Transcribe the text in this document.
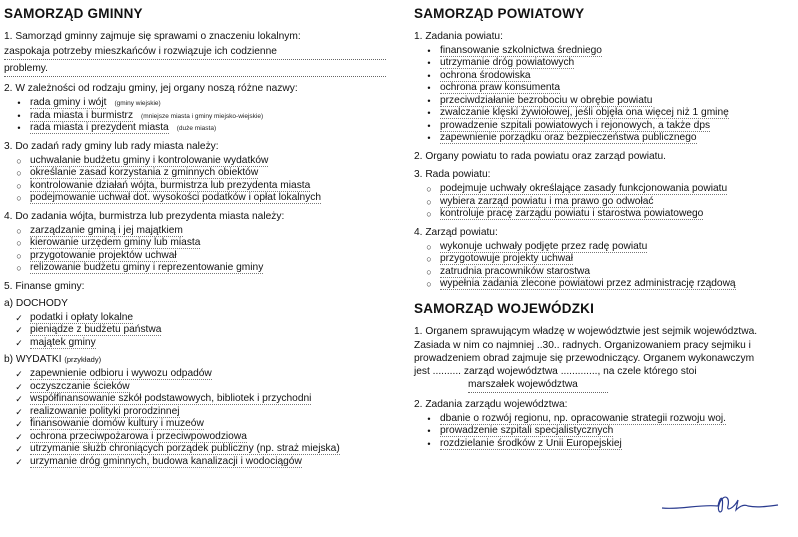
SAMORZĄD GMINNY
1. Samorząd gminny zajmuje się sprawami o znaczeniu lokalnym:
zaspokaja potrzeby mieszkańców i rozwiązuje ich codzienne
problemy.
2. W zależności od rodzaju gminy, jej organy noszą różne nazwy:
• rada gminy i wójt (gminy wiejskie)
• rada miasta i burmistrz (mniejsze miasta i gminy miejsko-wiejskie)
• rada miasta i prezydent miasta (duże miasta)
3. Do zadań rady gminy lub rady miasta należy:
○ uchwalanie budżetu gminy i kontrolowanie wydatków
○ określanie zasad korzystania z gminnych obiektów
○ kontrolowanie działań wójta, burmistrza lub prezydenta miasta
○ podejmowanie uchwał dot. wysokości podatków i opłat lokalnych
4. Do zadania wójta, burmistrza lub prezydenta miasta należy:
○ zarządzanie gminą i jej majątkiem
○ kierowanie urzędem gminy lub miasta
○ przygotowanie projektów uchwał
○ relizowanie budżetu gminy i reprezentowanie gminy
5. Finanse gminy:
a) DOCHODY
✓ podatki i opłaty lokalne
✓ pieniądze z budżetu państwa
✓ majątek gminy
b) WYDATKI (przykłady)
✓ zapewnienie odbioru i wywozu odpadów
✓ oczyszczanie ścieków
✓ współfinansowanie szkół podstawowych, bibliotek i przychodni
✓ realizowanie polityki prorodzinnej
✓ finansowanie domów kultury i muzeów
✓ ochrona przeciwpożarowa i przeciwpowodziowa
✓ utrzymanie służb chroniących porządek publiczny (np. straż miejska)
✓ urzymanie dróg gminnych, budowa kanalizacji i wodociągów
SAMORZĄD POWIATOWY
1. Zadania powiatu:
• finansowanie szkolnictwa średniego
• utrzymanie dróg powiatowych
• ochrona środowiska
• ochrona praw konsumenta
• przeciwdziałanie bezrobociu w obrębie powiatu
• zwalczanie klęski żywiołowej, jeśli objęła ona więcej niż 1 gminę
• prowadzenie szpitali powiatowych i rejonowych, a także dps
• zapewnienie porządku oraz bezpieczeństwa publicznego
2. Organy powiatu to rada powiatu oraz zarząd powiatu.
3. Rada powiatu:
○ podejmuje uchwały określające zasady funkcjonowania powiatu
○ wybiera zarząd powiatu i ma prawo go odwołać
○ kontroluje pracę zarządu powiatu i starostwa powiatowego
4. Zarząd powiatu:
○ wykonuje uchwały podjęte przez radę powiatu
○ przygotowuje projekty uchwał
○ zatrudnia pracowników starostwa
○ wypełnia zadania zlecone powiatowi przez administrację rządową
SAMORZĄD WOJEWÓDZKI

1. Organem sprawującym władzę w województwie jest sejmik województwa.
Zasiada w nim co najmniej ..30.. radnych. Organizowaniem pracy sejmiku i
prowadzeniem obrad zajmuje się przewodniczący. Organem wykonawczym
jest .......... zarząd województwa ............., na czele którego stoi
marszałek województwa

2. Zadania zarządu województwa:
• dbanie o rozwój regionu, np. opracowanie strategii rozwoju woj.
• prowadzenie szpitali specjalistycznych
• rozdzielanie środków z Unii Europejskiej
